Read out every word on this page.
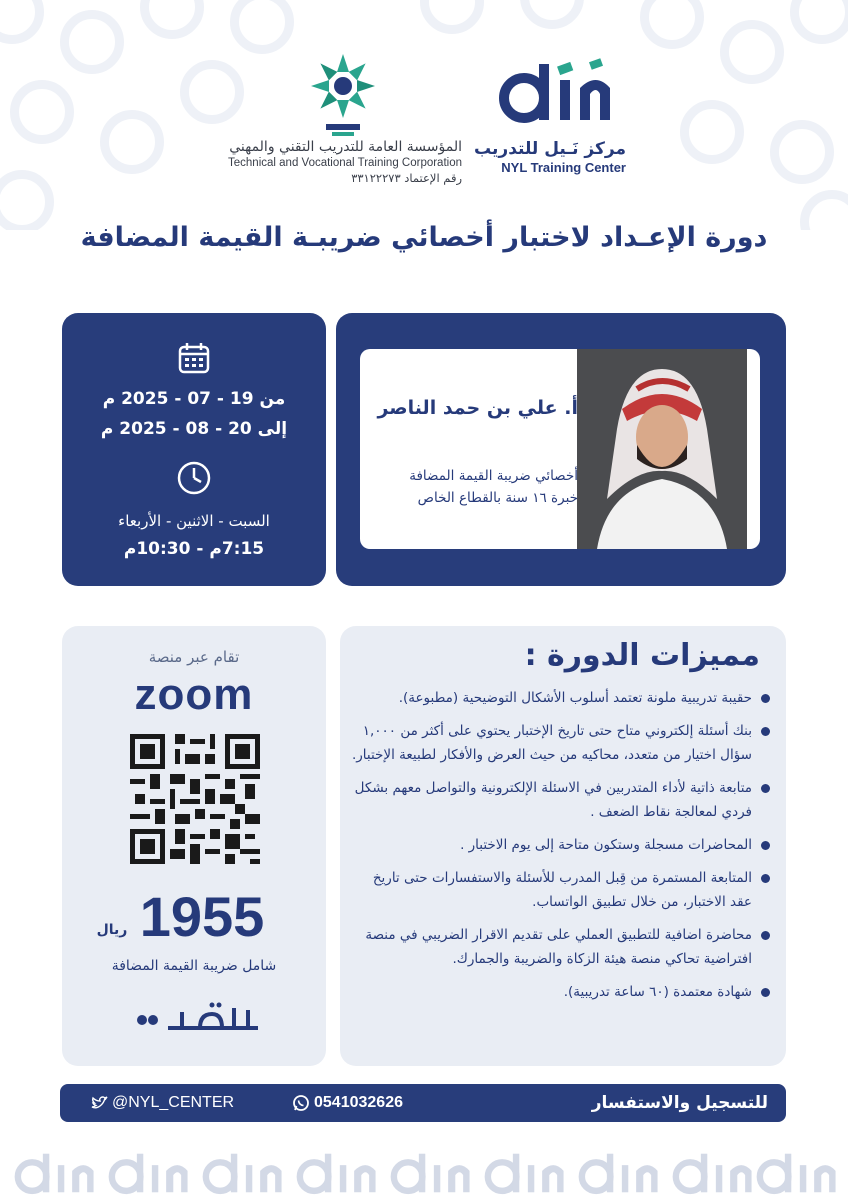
المؤسسة العامة للتدريب التقني والمهني
Technical and Vocational Training Corporation
رقم الإعتماد ٣٣١٢٢٢٧٣
مركز نَـيل للتدريب
NYL Training Center
دورة الإعـداد لاختبار أخصائي ضريبـة القيمة المضافة
من 19 - 07 - 2025 م
إلى 20 - 08 - 2025 م
السبت - الاثنين - الأربعاء
7:15م - 10:30م
أ. علي بن حمد الناصر
أخصائي ضريبة القيمة المضافة
خبرة ١٦ سنة بالقطاع الخاص
تقام عبر منصة
zoom
1955
ريال
شامل ضريبة القيمة المضافة
مميزات الدورة :
حقيبة تدريبية ملونة تعتمد أسلوب الأشكال التوضيحية (مطبوعة).
بنك أسئلة إلكتروني متاح حتى تاريخ الإختبار يحتوي على أكثر من ١,٠٠٠ سؤال اختيار من متعدد، محاكيه من حيث العرض والأفكار لطبيعة الإختبار.
متابعة ذاتية لأداء المتدربين في الاسئلة الإلكترونية والتواصل معهم بشكل فردي لمعالجة نقاط الضعف .
المحاضرات مسجلة وستكون متاحة إلى يوم الاختبار .
المتابعة المستمرة من قِبل المدرب للأسئلة والاستفسارات حتى تاريخ عقد الاختبار، من خلال تطبيق الواتساب.
محاضرة اضافية للتطبيق العملي على تقديم الاقرار الضريبي في منصة افتراضية تحاكي منصة هيئة الزكاة والضريبة والجمارك.
شهادة معتمدة (٦٠ ساعة تدريبية).
للتسجيل والاستفسار
0541032626
@NYL_CENTER
